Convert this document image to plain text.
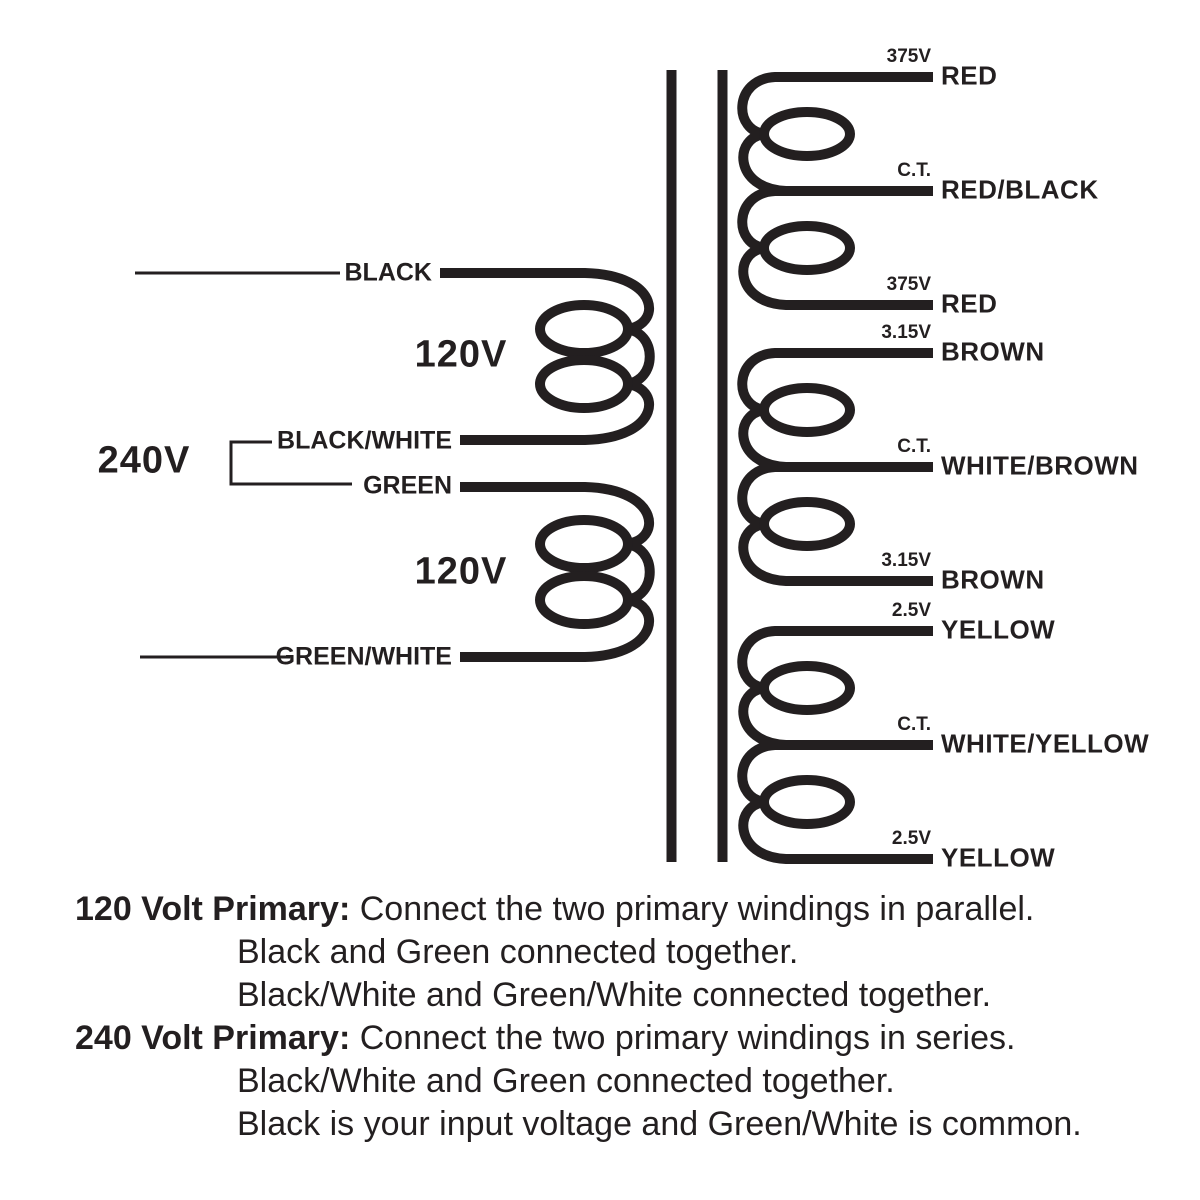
BLACK
BLACK/WHITE
GREEN
GREEN/WHITE
120V
120V
240V
375V
RED
C.T.
RED/BLACK
375V
RED
3.15V
BROWN
C.T.
WHITE/BROWN
3.15V
BROWN
2.5V
YELLOW
C.T.
WHITE/YELLOW
2.5V
YELLOW
120 Volt Primary: Connect the two primary windings in parallel.
Black and Green connected together.
Black/White and Green/White connected together.
240 Volt Primary: Connect the two primary windings in series.
Black/White and Green connected together.
Black is your input voltage and Green/White is common.
